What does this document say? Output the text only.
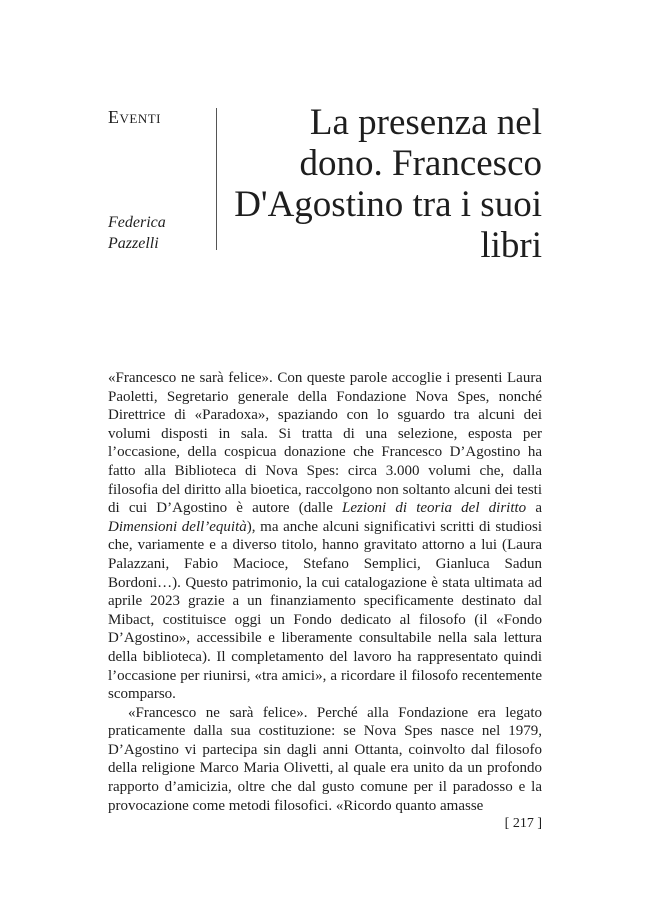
Eventi
Federica
Pazzelli
La presenza nel dono. Francesco D'Agostino tra i suoi libri

«Francesco ne sarà felice». Con queste parole accoglie i presenti Laura Paoletti, Segretario generale della Fondazione Nova Spes, nonché Direttrice di «Paradoxa», spaziando con lo sguardo tra alcuni dei volumi disposti in sala. Si tratta di una selezione, esposta per l’occasione, della cospicua donazione che Francesco D’Agostino ha fatto alla Biblioteca di Nova Spes: circa 3.000 volumi che, dalla filosofia del diritto alla bioetica, raccolgono non soltanto alcuni dei testi di cui D’Agostino è autore (dalle Lezioni di teoria del diritto a Dimensioni dell’equità), ma anche alcuni significativi scritti di studiosi che, variamente e a diverso titolo, hanno gravitato attorno a lui (Laura Palazzani, Fabio Macioce, Stefano Semplici, Gianluca Sadun Bordoni…). Questo patrimonio, la cui catalogazione è stata ultimata ad aprile 2023 grazie a un finanziamento specificamente destinato dal Mibact, costituisce oggi un Fondo dedicato al filosofo (il «Fondo D’Agostino», accessibile e liberamente consultabile nella sala lettura della biblioteca). Il completamento del lavoro ha rappresentato quindi l’occasione per riunirsi, «tra amici», a ricordare il filosofo recentemente scomparso.

«Francesco ne sarà felice». Perché alla Fondazione era legato praticamente dalla sua costituzione: se Nova Spes nasce nel 1979, D’Agostino vi partecipa sin dagli anni Ottanta, coinvolto dal filosofo della religione Marco Maria Olivetti, al quale era unito da un profondo rapporto d’amicizia, oltre che dal gusto comune per il paradosso e la provocazione come metodi filosofici. «Ricordo quanto amasse

[ 217 ]
